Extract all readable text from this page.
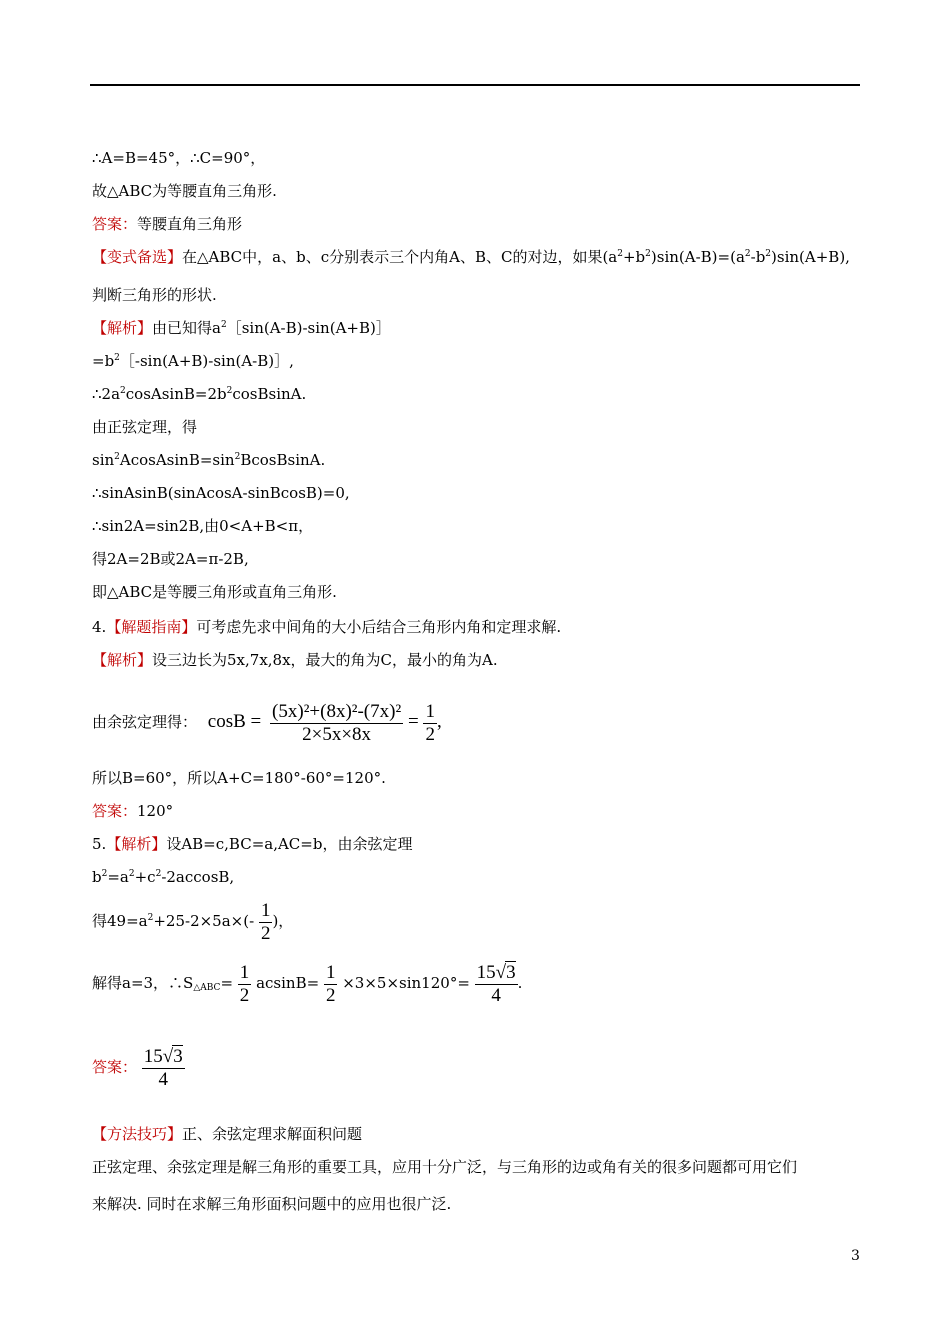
∴A=B=45°，∴C=90°，
故△ABC为等腰直角三角形.
答案：等腰直角三角形
【变式备选】在△ABC中，a、b、c分别表示三个内角A、B、C的对边，如果$(a^2+b^2)\sin(A-B)=(a^2-b^2)\sin(A+B)$,
判断三角形的形状.
【解析】由已知得$a^2[\sin(A-B)-\sin(A+B)]$
$=b^2[-\sin(A+B)-\sin(A-B)]$,
$\therefore 2a^2cosAsinB=2b^2cosBsinA$.
由正弦定理，得
$\sin^2AcosAsinB=\sin^2BcosBsinA$.
∴sinAsinB(sinAcosA-sinBcosB)=0,
∴sin2A=sin2B,由0<A+B<π，
得2A=2B或2A=π-2B,
即△ABC是等腰三角形或直角三角形.
4.【解题指南】可考虑先求中间角的大小后结合三角形内角和定理求解.
【解析】设三边长为5x,7x,8x，最大的角为C，最小的角为A.
由余弦定理得： $\cos B = \frac{\text{(5x)²+(8x)²-(7x)²}}{2\times 5x\times 8x} = \frac{1}{2}$ ,
所以B=60°，所以A+C=180°-60°=120°.
答案：120°
5.【解析】设AB=c,BC=a,AC=b，由余弦定理
$b^2=a^2+c^2-2accosB$,
得$49=a^2+25-2\times 5a\times(- \frac{1}{2}$ )，
解得a=3，$\therefore S_{\triangle ABC}= \frac{1}{2} acsinB= \frac{1}{2} \times 3\times 5\times\sin 120^\circ= \frac{15√3}{4}$ .
答案： $\frac{15√3}{4}$
【方法技巧】正、余弦定理求解面积问题
正弦定理、余弦定理是解三角形的重要工具，应用十分广泛，与三角形的边或角有关的很多问题都可用它们
来解决. 同时在求解三角形面积问题中的应用也很广泛.
3
